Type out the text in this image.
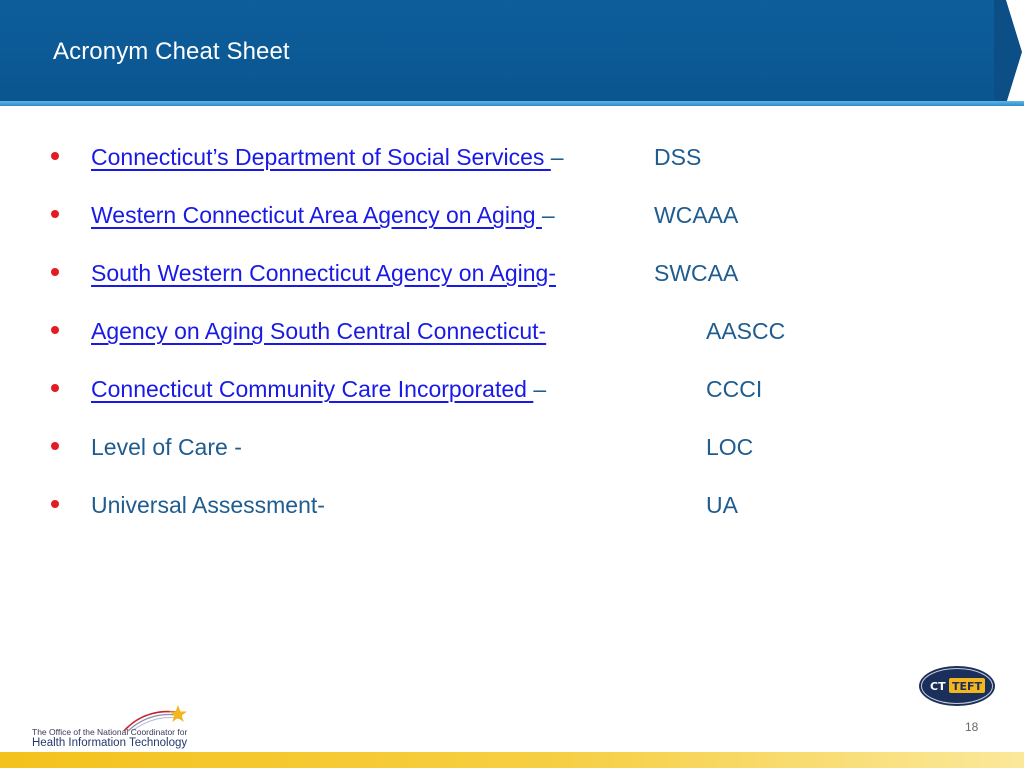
Acronym Cheat Sheet
Connecticut’s Department of Social Services –	DSS
Western Connecticut Area Agency on Aging –	WCAAA
South Western Connecticut Agency on Aging-	SWCAA
Agency on Aging South Central Connecticut-	AASCC
Connecticut Community Care Incorporated –	CCCI
Level of Care -	LOC
Universal Assessment-	UA
The Office of the National Coordinator for
Health Information Technology
CT TEFT
18
